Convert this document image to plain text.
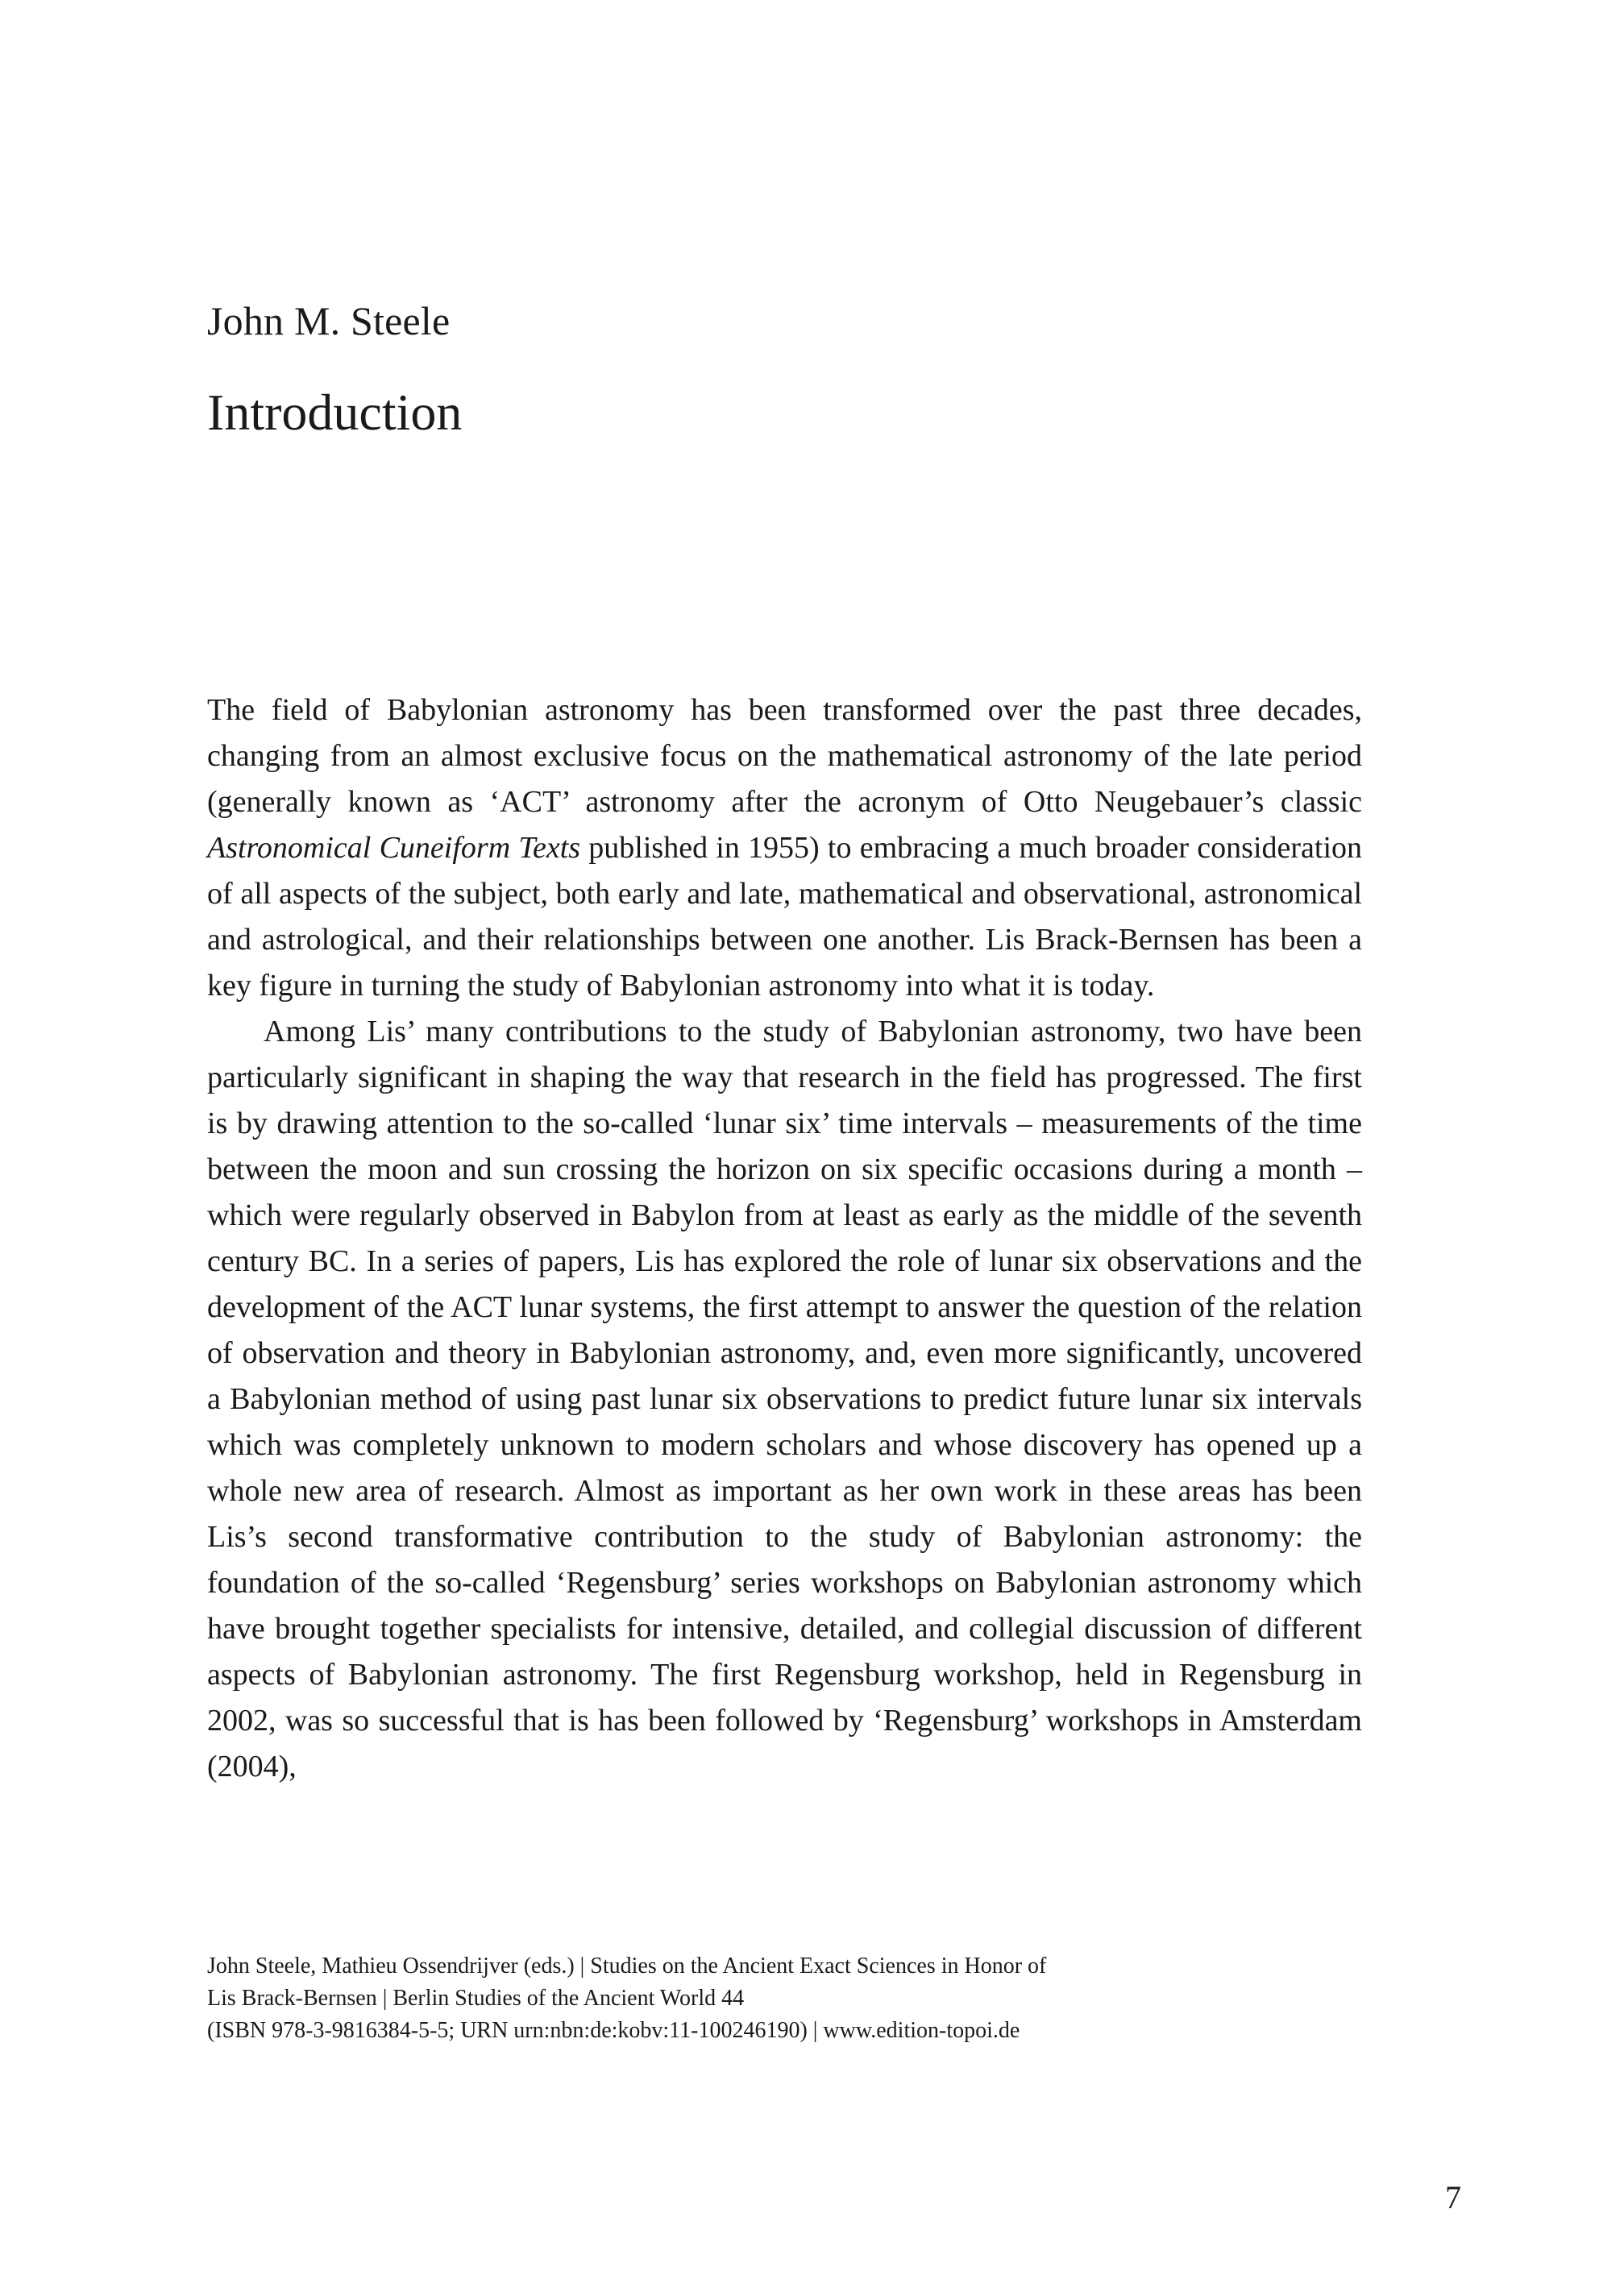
John M. Steele
Introduction

The field of Babylonian astronomy has been transformed over the past three decades, changing from an almost exclusive focus on the mathematical astronomy of the late period (generally known as ‘ACT’ astronomy after the acronym of Otto Neugebauer’s classic Astronomical Cuneiform Texts published in 1955) to embracing a much broader consideration of all aspects of the subject, both early and late, mathematical and observational, astronomical and astrological, and their relationships between one another. Lis Brack-Bernsen has been a key figure in turning the study of Babylonian astronomy into what it is today.

Among Lis’ many contributions to the study of Babylonian astronomy, two have been particularly significant in shaping the way that research in the field has progressed. The first is by drawing attention to the so-called ‘lunar six’ time intervals – measurements of the time between the moon and sun crossing the horizon on six specific occasions during a month – which were regularly observed in Babylon from at least as early as the middle of the seventh century BC. In a series of papers, Lis has explored the role of lunar six observations and the development of the ACT lunar systems, the first attempt to answer the question of the relation of observation and theory in Babylonian astronomy, and, even more significantly, uncovered a Babylonian method of using past lunar six observations to predict future lunar six intervals which was completely unknown to modern scholars and whose discovery has opened up a whole new area of research. Almost as important as her own work in these areas has been Lis’s second transformative contribution to the study of Babylonian astronomy: the foundation of the so-called ‘Regensburg’ series workshops on Babylonian astronomy which have brought together specialists for intensive, detailed, and collegial discussion of different aspects of Babylonian astronomy. The first Regensburg workshop, held in Regensburg in 2002, was so successful that is has been followed by ‘Regensburg’ workshops in Amsterdam (2004),

John Steele, Mathieu Ossendrijver (eds.) | Studies on the Ancient Exact Sciences in Honor of
Lis Brack-Bernsen | Berlin Studies of the Ancient World 44
(ISBN 978-3-9816384-5-5; URN urn:nbn:de:kobv:11-100246190) | www.edition-topoi.de
7
